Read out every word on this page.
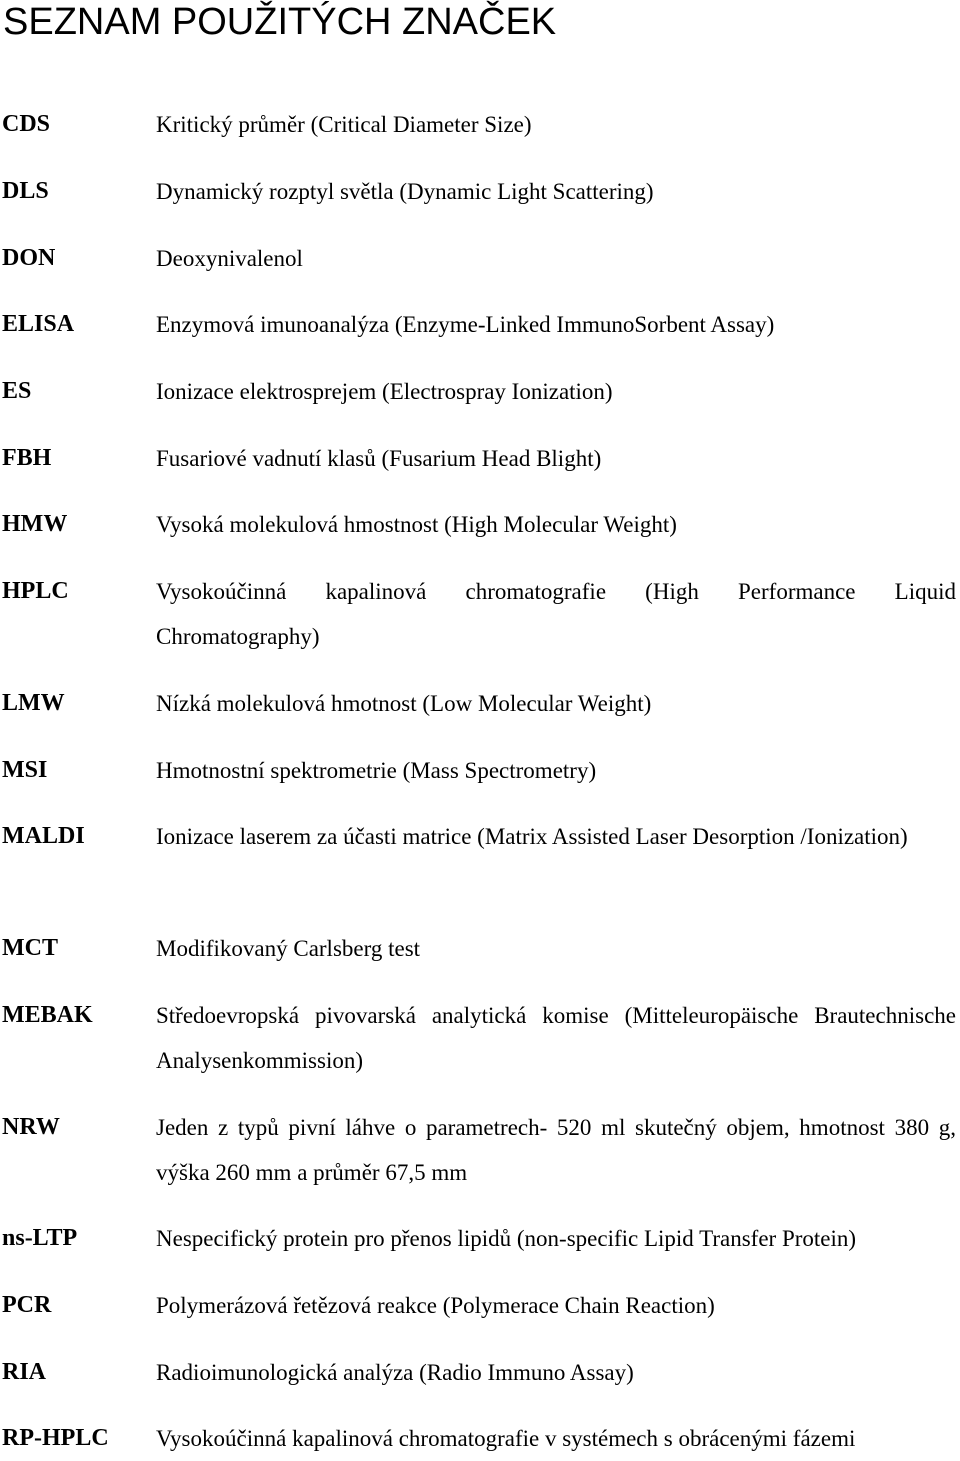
SEZNAM POUŽITÝCH ZNAČEK
CDS	Kritický průměr (Critical Diameter Size)
DLS	Dynamický rozptyl světla (Dynamic Light Scattering)
DON	Deoxynivalenol
ELISA	Enzymová imunoanalýza (Enzyme-Linked ImmunoSorbent Assay)
ES	Ionizace elektrosprejem (Electrospray Ionization)
FBH	Fusariové vadnutí klasů (Fusarium Head Blight)
HMW	Vysoká molekulová hmostnost (High Molecular Weight)
HPLC	Vysokoúčinná kapalinová chromatografie (High Performance Liquid Chromatography)
LMW	Nízká molekulová hmotnost (Low Molecular Weight)
MSI	Hmotnostní spektrometrie (Mass Spectrometry)
MALDI	Ionizace laserem za účasti matrice (Matrix Assisted Laser Desorption /Ionization)
MCT	Modifikovaný Carlsberg test
MEBAK	Středoevropská pivovarská analytická komise (Mitteleuropäische Brautechnische Analysenkommission)
NRW	Jeden z typů pivní láhve o parametrech- 520 ml skutečný objem, hmotnost 380 g, výška 260 mm a průměr 67,5 mm
ns-LTP	Nespecifický protein pro přenos lipidů (non-specific Lipid Transfer Protein)
PCR	Polymerázová řetězová reakce (Polymerace Chain Reaction)
RIA	Radioimunologická analýza (Radio Immuno Assay)
RP-HPLC Vysokoúčinná kapalinová chromatografie v systémech s obrácenými fázemi
